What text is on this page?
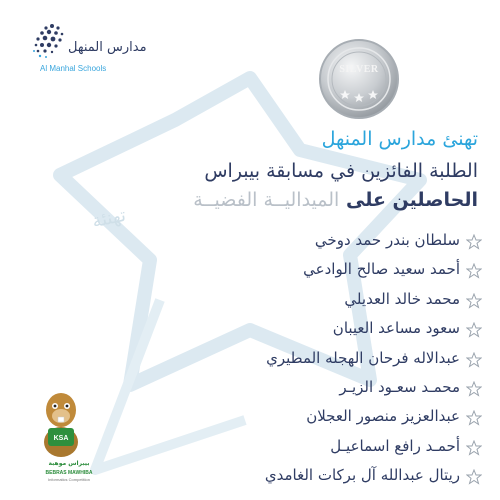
تهنئة
مدارس المنهل
Al Manhal Schools	SILVER
تهنئ مدارس المنهل
الطلبة الفائزين في مسابقة بيبراس
الحاصلين على الميداليــة الفضيــة
سلطان بندر حمد دوخي
أحمد سعيد صالح الوادعي
محمد خالد العديلي
سعود مساعد العيبان
عبدالاله فرحان الهجله المطيري
محمـد سعـود الزيـر
عبدالعزيز منصور العجلان
أحمـد رافع اسماعيـل
ريتال عبدالله آل بركات الغامدي
KSA
بيبراس موهبة
BEBRAS MAWHIBA
Informatics Competition
